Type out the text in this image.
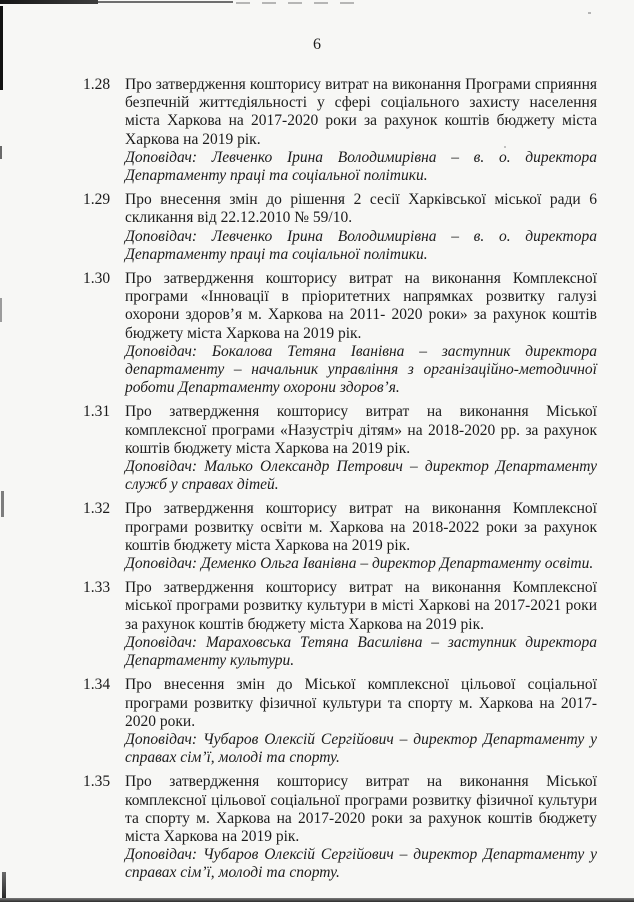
6
1.28 Про затвердження кошторису витрат на виконання Програми сприяння безпечній життєдіяльності у сфері соціального захисту населення міста Харкова на 2017-2020 роки за рахунок коштів бюджету міста Харкова на 2019 рік.

Доповідач: Левченко Ірина Володимирівна – в. о. директора Департаменту праці та соціальної політики.

1.29 Про внесення змін до рішення 2 сесії Харківської міської ради 6 скликання від 22.12.2010 № 59/10.

Доповідач: Левченко Ірина Володимирівна – в. о. директора Департаменту праці та соціальної політики.

1.30 Про затвердження кошторису витрат на виконання Комплексної програми «Інновації в пріоритетних напрямках розвитку галузі охорони здоров’я м. Харкова на 2011- 2020 роки» за рахунок коштів бюджету міста Харкова на 2019 рік.

Доповідач: Бокалова Тетяна Іванівна – заступник директора департаменту – начальник управління з організаційно-методичної роботи Департаменту охорони здоров’я.

1.31 Про затвердження кошторису витрат на виконання Міської комплексної програми «Назустріч дітям» на 2018-2020 рр. за рахунок коштів бюджету міста Харкова на 2019 рік.

Доповідач: Малько Олександр Петрович – директор Департаменту служб у справах дітей.

1.32 Про затвердження кошторису витрат на виконання Комплексної програми розвитку освіти м. Харкова на 2018-2022 роки за рахунок коштів бюджету міста Харкова на 2019 рік.

Доповідач: Деменко Ольга Іванівна – директор Департаменту освіти.

1.33 Про затвердження кошторису витрат на виконання Комплексної міської програми розвитку культури в місті Харкові на 2017-2021 роки за рахунок коштів бюджету міста Харкова на 2019 рік.

Доповідач: Мараховська Тетяна Василівна – заступник директора Департаменту культури.

1.34 Про внесення змін до Міської комплексної цільової соціальної програми розвитку фізичної культури та спорту м. Харкова на 2017-2020 роки.

Доповідач: Чубаров Олексій Сергійович – директор Департаменту у справах сім’ї, молоді та спорту.

1.35 Про затвердження кошторису витрат на виконання Міської комплексної цільової соціальної програми розвитку фізичної культури та спорту м. Харкова на 2017-2020 роки за рахунок коштів бюджету міста Харкова на 2019 рік.

Доповідач: Чубаров Олексій Сергійович – директор Департаменту у справах сім’ї, молоді та спорту.
